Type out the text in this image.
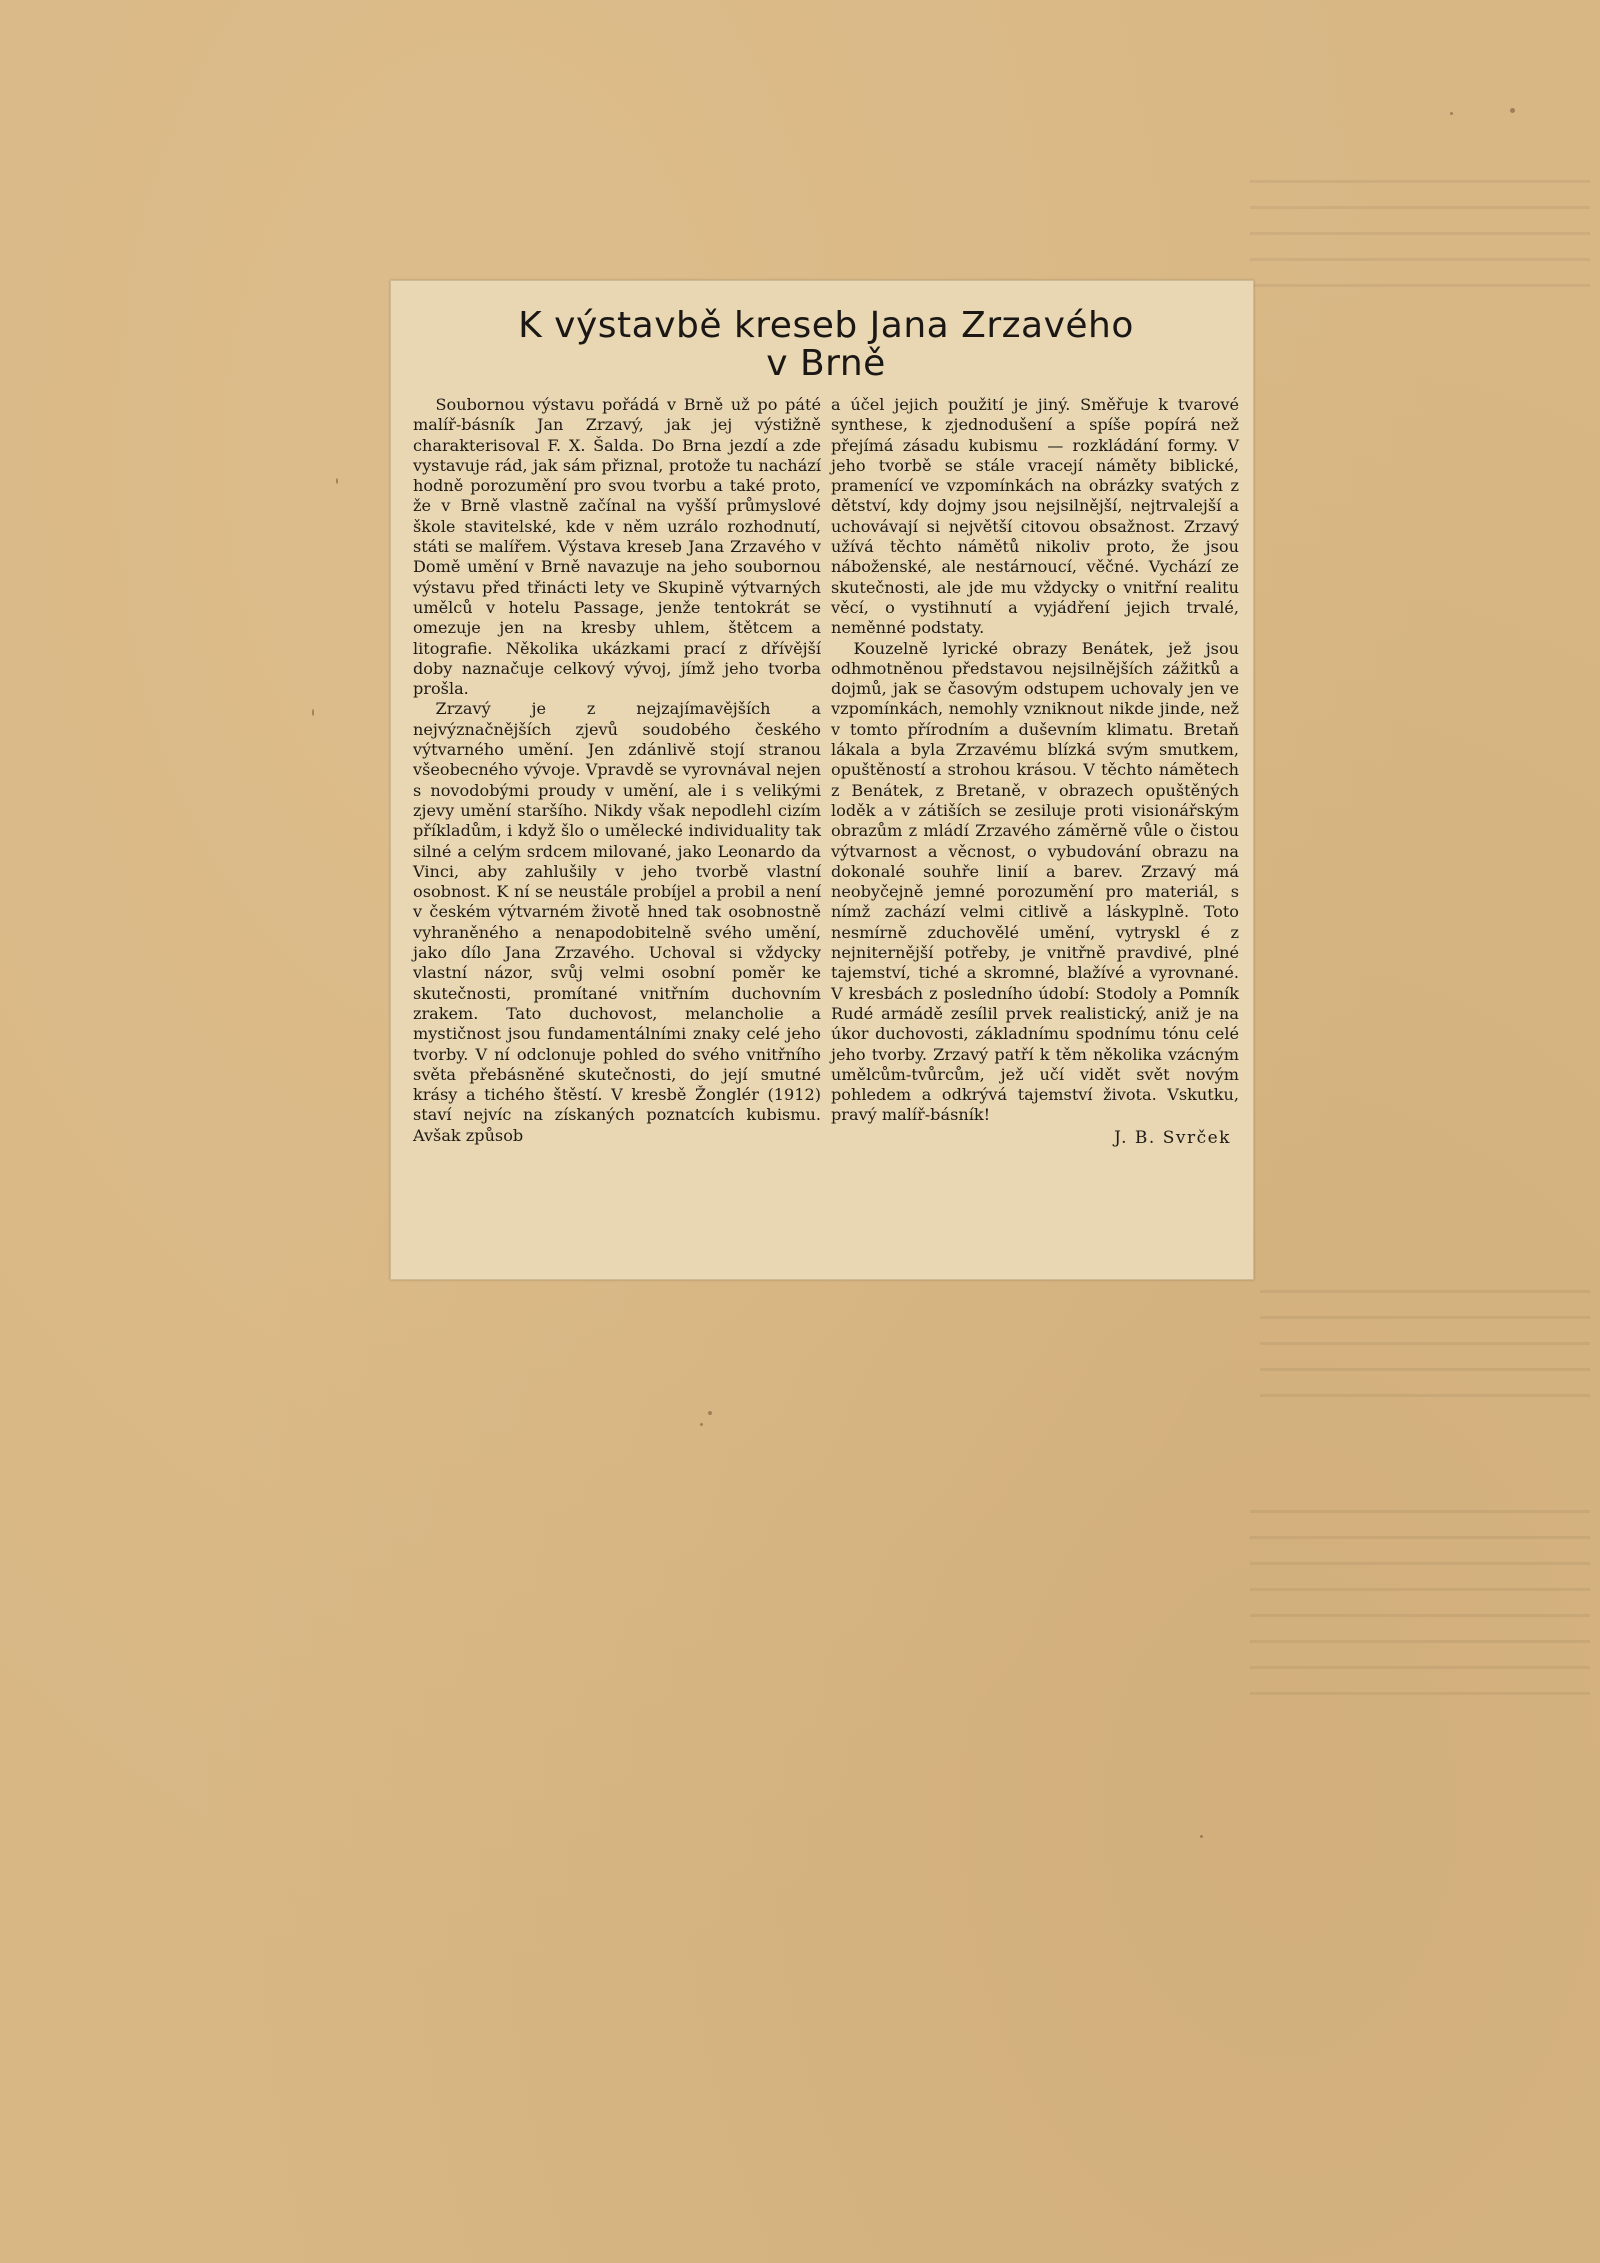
K výstavbě kreseb Jana Zrzavého
v Brně

Soubornou výstavu pořádá v Brně už po páté malíř-básník Jan Zrzavý, jak jej výstižně charakterisoval F. X. Šalda. Do Brna jezdí a zde vystavuje rád, jak sám přiznal, protože tu nachází hodně porozumění pro svou tvorbu a také proto, že v Brně vlastně začínal na vyšší průmyslové škole stavitelské, kde v něm uzrálo rozhodnutí, státi se malířem. Výstava kreseb Jana Zrzavého v Domě umění v Brně navazuje na jeho soubornou výstavu před třinácti lety ve Skupině výtvarných umělců v hotelu Passage, jenže tentokrát se omezuje jen na kresby uhlem, štětcem a litografie. Několika ukázkami prací z dřívější doby naznačuje celkový vývoj, jímž jeho tvorba prošla.

Zrzavý je z nejzajímavějších a nejvýznačnějších zjevů soudobého českého výtvarného umění. Jen zdánlivě stojí stranou všeobecného vývoje. Vpravdě se vyrovnával nejen s novodobými proudy v umění, ale i s velikými zjevy umění staršího. Nikdy však nepodlehl cizím příkladům, i když šlo o umělecké individuality tak silné a celým srdcem milované, jako Leonardo da Vinci, aby zahlušily v jeho tvorbě vlastní osobnost. K ní se neustále probíjel a probil a není v českém výtvarném životě hned tak osobnostně vyhraněného a nenapodobitelně svého umění, jako dílo Jana Zrzavého. Uchoval si vždycky vlastní názor, svůj velmi osobní poměr ke skutečnosti, promítané vnitřním duchovním zrakem. Tato duchovost, melancholie a mystičnost jsou fundamentálními znaky celé jeho tvorby. V ní odclonuje pohled do svého vnitřního světa přebásněné skutečnosti, do její smutné krásy a tichého štěstí. V kresbě Žonglér (1912) staví nejvíc na získaných poznatcích kubismu. Avšak způsob

a účel jejich použití je jiný. Směřuje k tvarové synthese, k zjednodušení a spíše popírá než přejímá zásadu kubismu — rozkládání formy. V jeho tvorbě se stále vracejí náměty biblické, pramenící ve vzpomínkách na obrázky svatých z dětství, kdy dojmy jsou nejsilnější, nejtrvalejší a uchovávají si největší citovou obsažnost. Zrzavý užívá těchto námětů nikoliv proto, že jsou náboženské, ale nestárnoucí, věčné. Vychází ze skutečnosti, ale jde mu vždycky o vnitřní realitu věcí, o vystihnutí a vyjádření jejich trvalé, neměnné podstaty.

Kouzelně lyrické obrazy Benátek, jež jsou odhmotněnou představou nejsilnějších zážitků a dojmů, jak se časovým odstupem uchovaly jen ve vzpomínkách, nemohly vzniknout nikde jinde, než v tomto přírodním a duševním klimatu. Bretaň lákala a byla Zrzavému blízká svým smutkem, opuštěností a strohou krásou. V těchto námětech z Benátek, z Bretaně, v obrazech opuštěných loděk a v zátiších se zesiluje proti visionářským obrazům z mládí Zrzavého záměrně vůle o čistou výtvarnost a věcnost, o vybudování obrazu na dokonalé souhře linií a barev. Zrzavý má neobyčejně jemné porozumění pro materiál, s nímž zachází velmi citlivě a láskyplně. Toto nesmírně zduchovělé umění, vytryskl é z nejniternější potřeby, je vnitřně pravdivé, plné tajemství, tiché a skromné, blažívé a vyrovnané. V kresbách z posledního údobí: Stodoly a Pomník Rudé armádě zesílil prvek realistický, aniž je na úkor duchovosti, základnímu spodnímu tónu celé jeho tvorby. Zrzavý patří k těm několika vzácným umělcům-tvůrcům, jež učí vidět svět novým pohledem a odkrývá tajemství života. Vskutku, pravý malíř-básník!

J. B. Svrček
